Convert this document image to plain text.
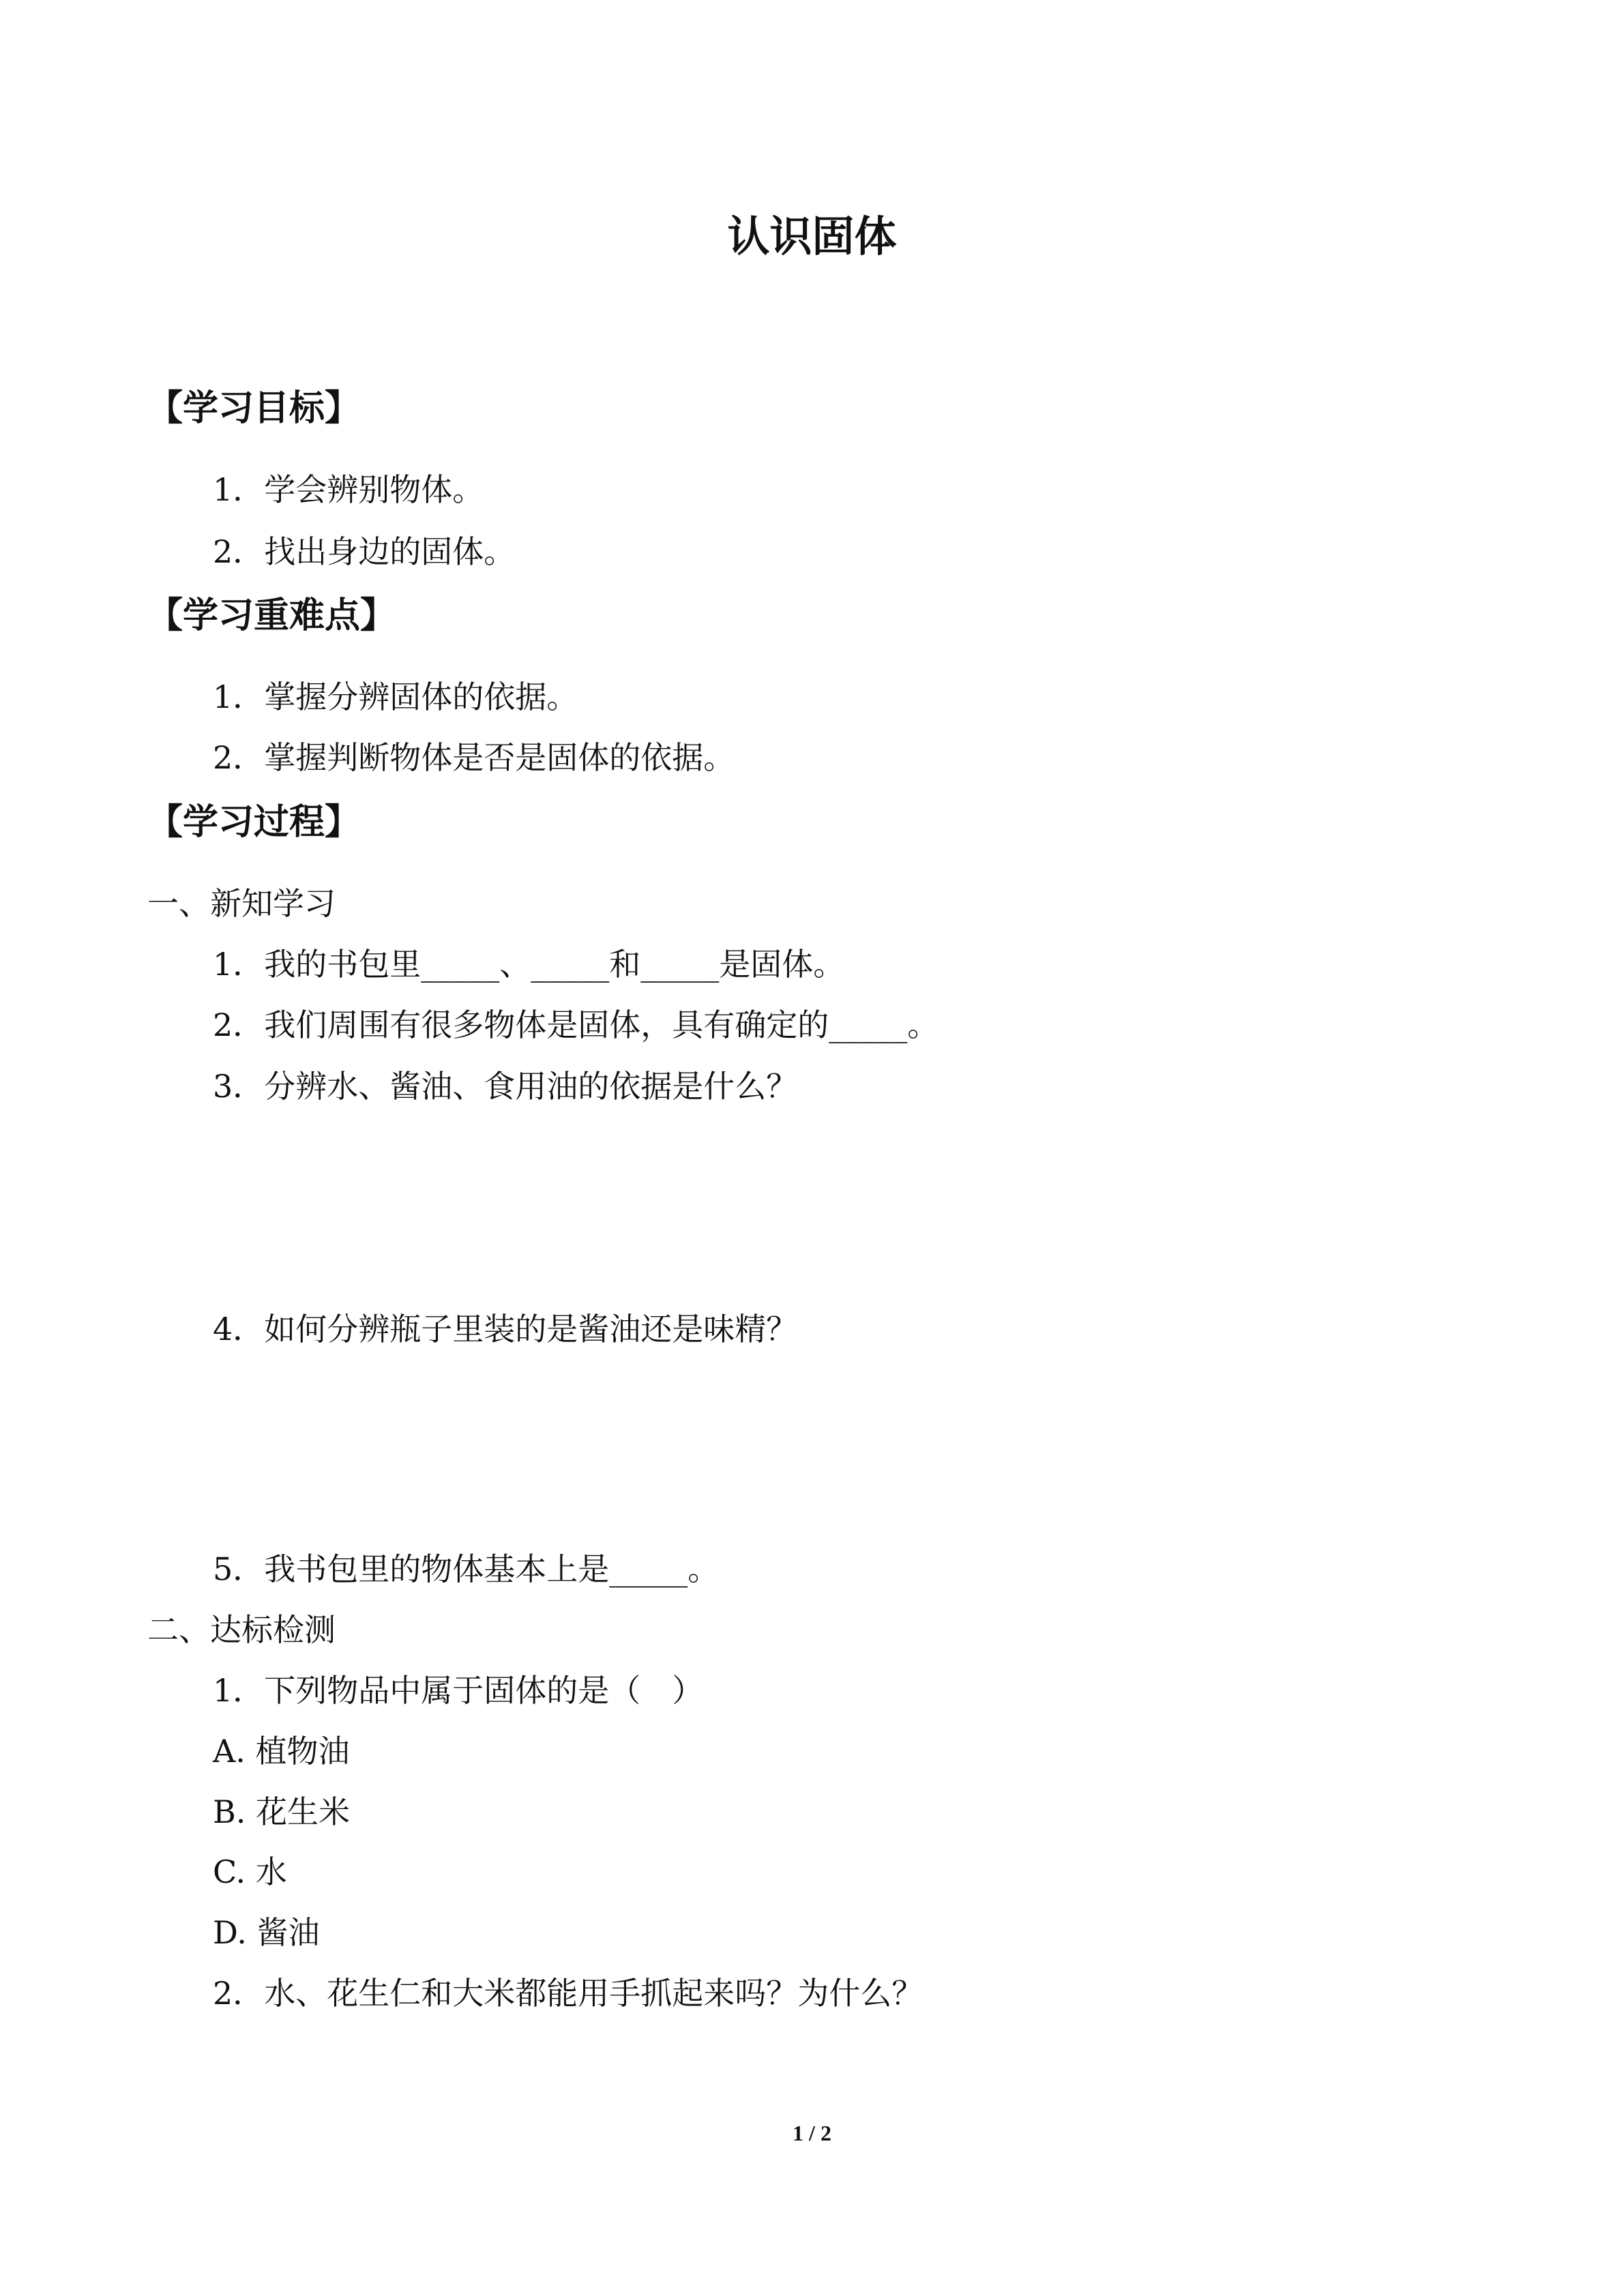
认识固体
【学习目标】
1．学会辨别物体。
2．找出身边的固体。
【学习重难点】
1．掌握分辨固体的依据。
2．掌握判断物体是否是固体的依据。
【学习过程】
一、新知学习
1．我的书包里_____、_____和_____是固体。
2．我们周围有很多物体是固体，具有确定的_____。
3．分辨水、酱油、食用油的依据是什么？
4．如何分辨瓶子里装的是酱油还是味精？
5．我书包里的物体基本上是_____。
二、达标检测
1．下列物品中属于固体的是（　）
A. 植物油
B. 花生米
C. 水
D. 酱油
2．水、花生仁和大米都能用手抓起来吗？为什么？
1 / 2
